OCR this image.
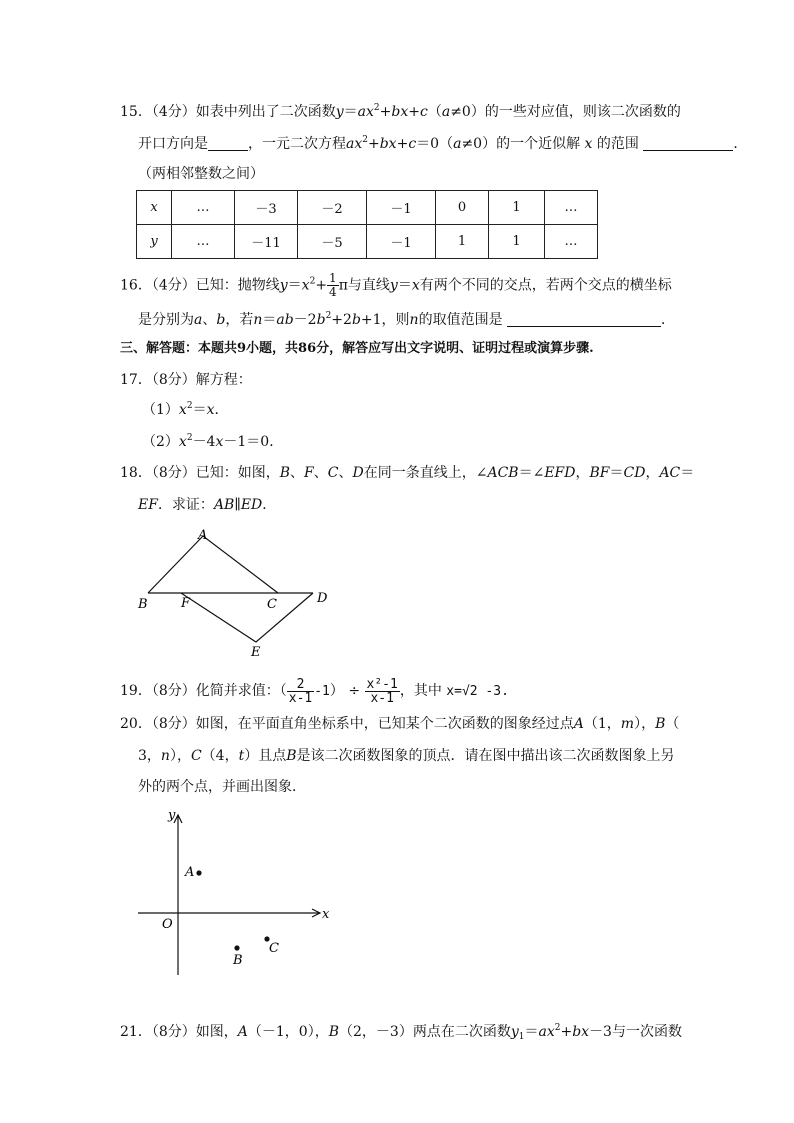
15．（4分）如表中列出了二次函数$y=ax^2+bx+c(a\ne 0)$的一些对应值，则该二次函数的
开口方向是	，一元二次方程$ax^2+bx+c=0(a\ne 0)$的一个近似解 x 的范围	．
（两相邻整数之间）
x	…	－3	－2	－1	0	1	…
y	…	－11	－5	－1	1	1	…
16．（4分）已知：抛物线$y=x^2+ \frac{1}{4}$ π与直线y＝x有两个不同的交点，若两个交点的横坐标
是分别为a、b，若$n=ab-2b^2+2b+1$，则n的取值范围是	．
三、解答题：本题共9小题，共86分，解答应写出文字说明、证明过程或演算步骤.
17．（8分）解方程：
$(1)x^2=x$．
$(2)x^2-4x-1=0$．
18．（8分）已知：如图，B、F、C、D在同一条直线上，∠ACB＝∠EFD，BF＝CD，AC＝
EF．求证：AB∥ED．
A
B	F	C	D
E
19．（8分）化简并求值：（ $\frac{2}{x-1} -1) \div \frac{\text{x²-1}}{x-1}$ ，其中 x=√2 -3.
20．（8分）如图，在平面直角坐标系中，已知某个二次函数的图象经过点A（1，m），B（
3，n），C（4，t）且点B是该二次函数图象的顶点．请在图中描出该二次函数图象上另
外的两个点，并画出图象．
y
x
O
A
B
C
21．（8分）如图，A（－1，0），B（2，－3）两点在二次函数$y_1=ax^2+bx-3$与一次函数
